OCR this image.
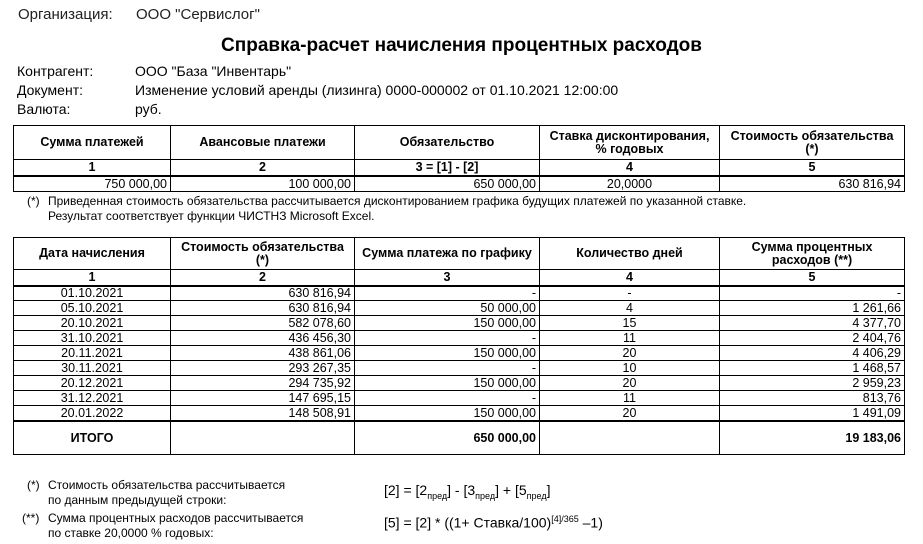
Организация: ООО "Сервислог"
Справка-расчет начисления процентных расходов
Контрагент:	ООО "База "Инвентарь"
Документ:	Изменение условий аренды (лизинга) 0000-000002 от 01.10.2021 12:00:00
Валюта:	руб.
Сумма платежей	Авансовые платежи	Обязательство	Ставка дисконтирования, % годовых	Стоимость обязательства (*)
1	2	3 = [1] - [2]	4	5
750 000,00	100 000,00	650 000,00	20,0000	630 816,94
(*) Приведенная стоимость обязательства рассчитывается дисконтированием графика будущих платежей по указанной ставке.
Результат соответствует функции ЧИСТНЗ Microsoft Excel.
Дата начисления	Стоимость обязательства (*)	Сумма платежа по графику	Количество дней	Сумма процентных расходов (**)
1	2	3	4	5
01.10.2021	630 816,94	-	-	-
05.10.2021	630 816,94	50 000,00	4	1 261,66
20.10.2021	582 078,60	150 000,00	15	4 377,70
31.10.2021	436 456,30	-	11	2 404,76
20.11.2021	438 861,06	150 000,00	20	4 406,29
30.11.2021	293 267,35	-	10	1 468,57
20.12.2021	294 735,92	150 000,00	20	2 959,23
31.12.2021	147 695,15	-	11	813,76
20.01.2022	148 508,91	150 000,00	20	1 491,09
ИТОГО		650 000,00		19 183,06
(*) Стоимость обязательства рассчитывается
по данным предыдущей строки:
(**) Сумма процентных расходов рассчитывается
по ставке 20,0000 % годовых:
$[2] = [2_{пред}] - [3_{пред}] + [5_{пред}]$
[5] = [2] * ((1+ Ставка/100)$^{[4]/365}$ –1)
